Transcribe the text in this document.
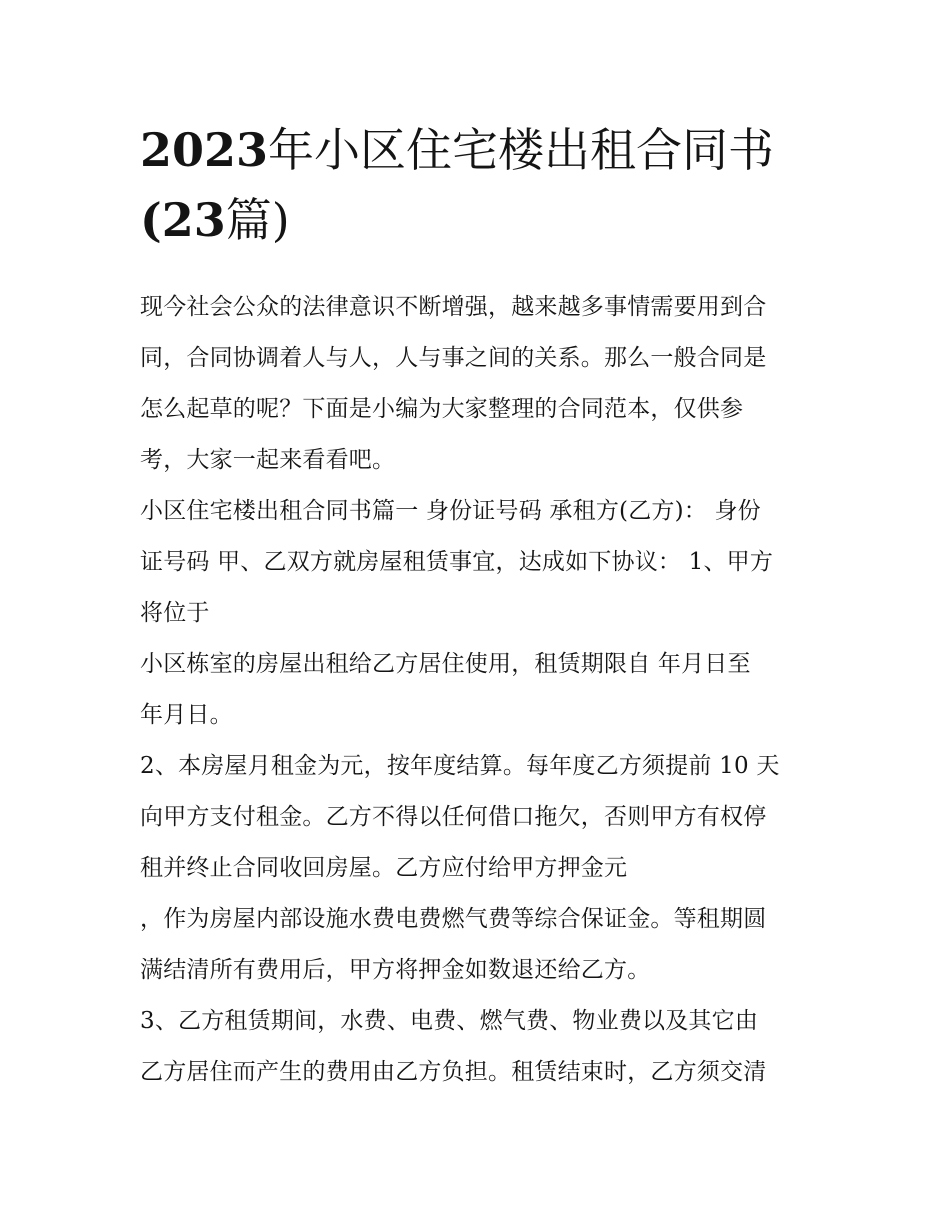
2023年小区住宅楼出租合同书
(23篇)
现今社会公众的法律意识不断增强，越来越多事情需要用到合
同，合同协调着人与人，人与事之间的关系。那么一般合同是
怎么起草的呢？下面是小编为大家整理的合同范本，仅供参
考，大家一起来看看吧。
小区住宅楼出租合同书篇一 身份证号码 承租方(乙方)： 身份
证号码 甲、乙双方就房屋租赁事宜，达成如下协议： 1、甲方
将位于
小区栋室的房屋出租给乙方居住使用，租赁期限自 年月日至
年月日。
2、本房屋月租金为元，按年度结算。每年度乙方须提前 10 天
向甲方支付租金。乙方不得以任何借口拖欠，否则甲方有权停
租并终止合同收回房屋。乙方应付给甲方押金元
，作为房屋内部设施水费电费燃气费等综合保证金。等租期圆
满结清所有费用后，甲方将押金如数退还给乙方。
3、乙方租赁期间，水费、电费、燃气费、物业费以及其它由
乙方居住而产生的费用由乙方负担。租赁结束时，乙方须交清
